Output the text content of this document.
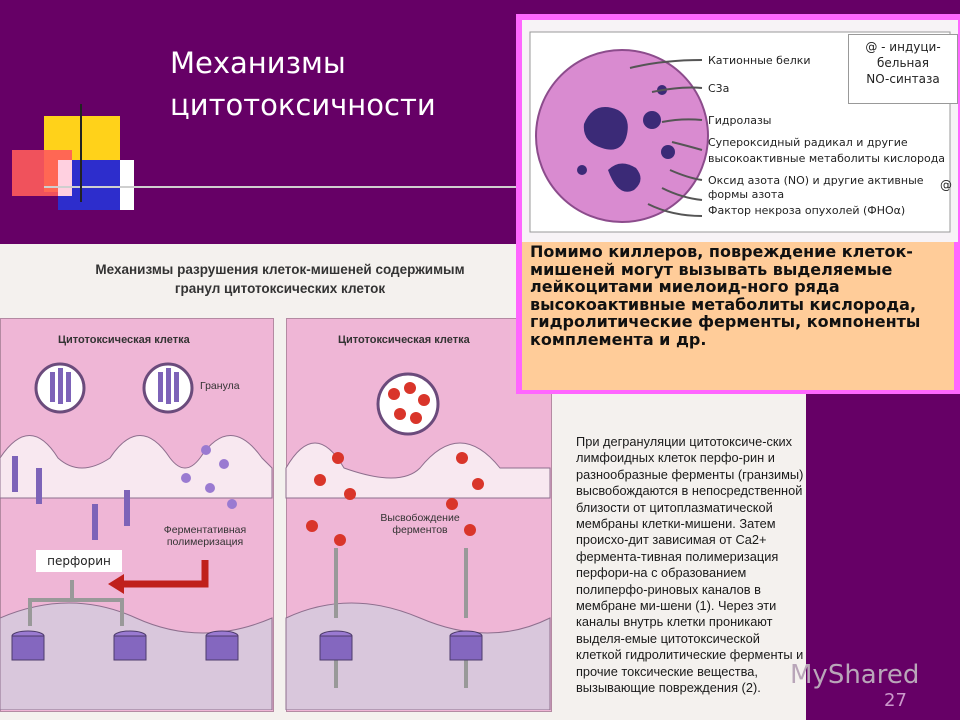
Механизмы
цитотоксичности
Механизмы разрушения клеток-мишеней содержимым
гранул цитотоксических клеток
Цитотоксическая клетка
Гранула
Ферментативная
полимеризация
перфорин
Цитотоксическая клетка
Высвобождение
ферментов
При дегрануляции цитотоксиче-ских лимфоидных клеток перфо-рин и разнообразные ферменты (гранзимы) высвобождаются в непосредственной близости от цитоплазматической мембраны клетки-мишени. Затем происхо-дит зависимая от Ca2+ фермента-тивная полимеризация перфори-на с образованием полиперфо-риновых каналов в мембране ми-шени (1). Через эти каналы внутрь клетки проникают выделя-емые цитотоксической клеткой гидролитические ферменты и прочие токсические вещества, вызывающие повреждения (2).
Катионные белки
С3а
Гидролазы
Супероксидный радикал и другие
высокоактивные метаболиты кислорода
Оксид азота (NO) и другие активные
формы азота
Фактор некроза опухолей (ФНОα)
@ - индуци-
бельная
NO-синтаза
@
Помимо киллеров, повреждение клеток-мишеней могут вызывать выделяемые лейкоцитами миелоид-ного ряда высокоактивные метаболиты кислорода, гидролитические ферменты, компоненты комплемента и др.
MyShared
27
